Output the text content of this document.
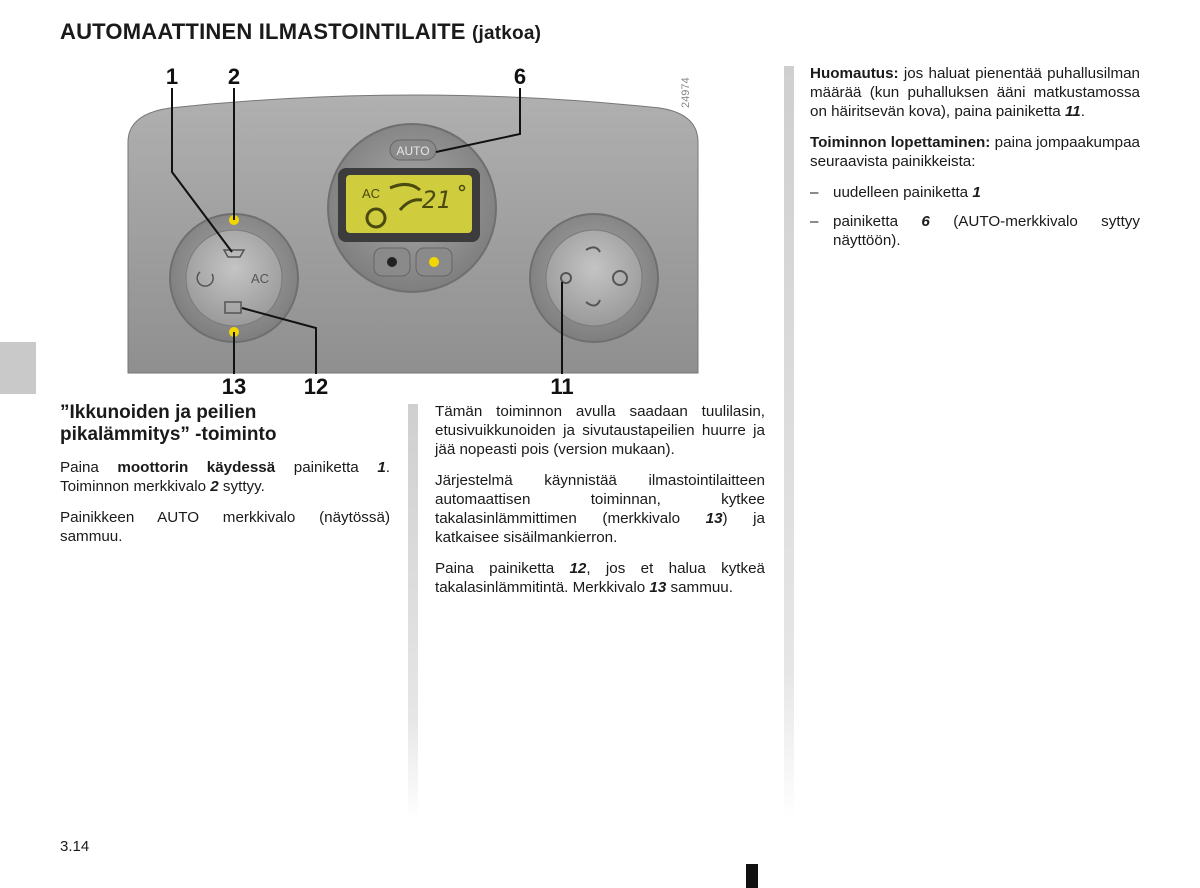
AUTOMAATTINEN ILMASTOINTILAITE (jatkoa)
AUTO
AC 21
AC
24974
1 2	6
13	12	11
”Ikkunoiden ja peilien pikalämmitys” -toiminto

Paina moottorin käydessä painiketta 1. Toiminnon merkkivalo 2 syttyy.

Painikkeen AUTO merkkivalo (näytössä) sammuu.

Tämän toiminnon avulla saadaan tuulilasin, etusivuikkunoiden ja sivutaustapeilien huurre ja jää nopeasti pois (version mukaan).

Järjestelmä käynnistää ilmastointilaitteen automaattisen toiminnan, kytkee takalasinlämmittimen (merkkivalo 13) ja katkaisee sisäilmankierron.

Paina painiketta 12, jos et halua kytkeä takalasinlämmitintä. Merkkivalo 13 sammuu.

Huomautus: jos haluat pienentää puhallusilman määrää (kun puhalluksen ääni matkustamossa on häiritsevän kova), paina painiketta 11.

Toiminnon lopettaminen: paina jompaakumpaa seuraavista painikkeista:

– uudelleen painiketta 1
– painiketta 6 (AUTO-merkkivalo syttyy näyttöön).
3.14
